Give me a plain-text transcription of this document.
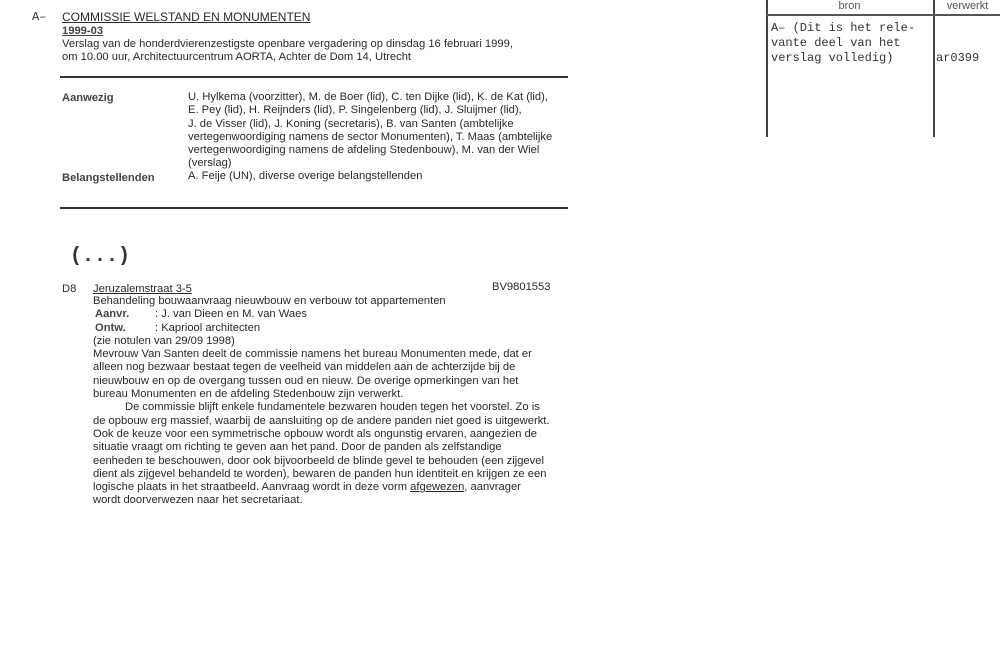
A– COMMISSIE WELSTAND EN MONUMENTEN
1999-03
Verslag van de honderdvierenzestigste openbare vergadering op dinsdag 16 februari 1999,
om 10.00 uur, Architectuurcentrum AORTA, Achter de Dom 14, Utrecht
Aanwezig	U. Hylkema (voorzitter), M. de Boer (lid), C. ten Dijke (lid), K. de Kat (lid),
E. Pey (lid), H. Reijnders (lid), P. Singelenberg (lid), J. Sluijmer (lid),
J. de Visser (lid), J. Koning (secretaris), B. van Santen (ambtelijke
vertegenwoordiging namens de sector Monumenten), T. Maas (ambtelijke
vertegenwoordiging namens de afdeling Stedenbouw), M. van der Wiel
(verslag)
Belangstellenden	A. Feije (UN), diverse overige belangstellenden
(...)
D8 Jeruzalemstraat 3-5	BV9801553
Behandeling bouwaanvraag nieuwbouw en verbouw tot appartementen
Aanvr. : J. van Dieen en M. van Waes
Ontw.	: Kapriool architecten
(zie notulen van 29/09 1998)
Mevrouw Van Santen deelt de commissie namens het bureau Monumenten mede, dat er
alleen nog bezwaar bestaat tegen de veelheid van middelen aan de achterzijde bij de
nieuwbouw en op de overgang tussen oud en nieuw. De overige opmerkingen van het
bureau Monumenten en de afdeling Stedenbouw zijn verwerkt.
De commissie blijft enkele fundamentele bezwaren houden tegen het voorstel. Zo is
de opbouw erg massief, waarbij de aansluiting op de andere panden niet goed is uitgewerkt.
Ook de keuze voor een symmetrische opbouw wordt als ongunstig ervaren, aangezien de
situatie vraagt om richting te geven aan het pand. Door de panden als zelfstandige
eenheden te beschouwen, door ook bijvoorbeeld de blinde gevel te behouden (een zijgevel
dient als zijgevel behandeld te worden), bewaren de panden hun identiteit en krijgen ze een
logische plaats in het straatbeeld. Aanvraag wordt in deze vorm afgewezen, aanvrager
wordt doorverwezen naar het secretariaat.
bron	verwerkt
A– (Dit is het rele-
vante deel van het
verslag volledig)	ar0399
